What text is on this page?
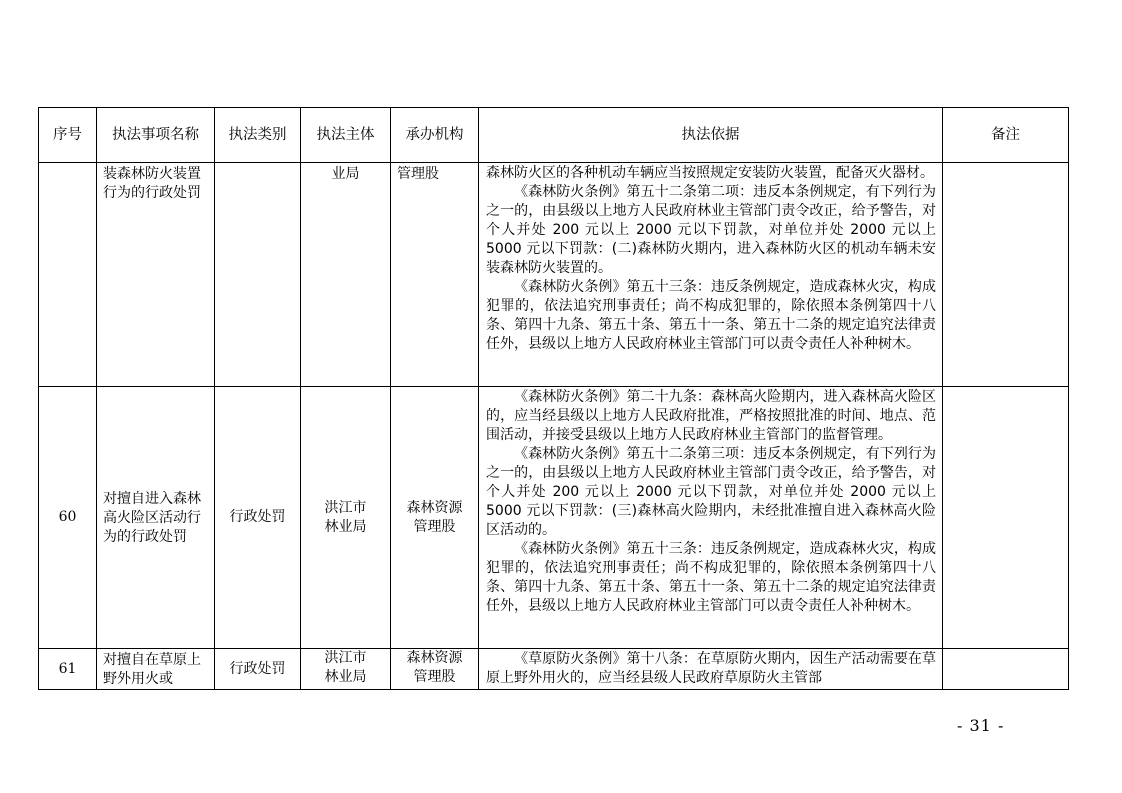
序号	执法事项名称	执法类别	执法主体	承办机构	执法依据	备注
	装森林防火装置行为的行政处罚		业局	管理股	森林防火区的各种机动车辆应当按照规定安装防火装置，配备灭火器材。

《森林防火条例》第五十二条第二项：违反本条例规定，有下列行为之一的，由县级以上地方人民政府林业主管部门责令改正，给予警告，对个人并处 200 元以上 2000 元以下罚款，对单位并处 2000 元以上 5000 元以下罚款：(二)森林防火期内，进入森林防火区的机动车辆未安装森林防火装置的。

《森林防火条例》第五十三条：违反条例规定，造成森林火灾，构成犯罪的，依法追究刑事责任；尚不构成犯罪的，除依照本条例第四十八条、第四十九条、第五十条、第五十一条、第五十二条的规定追究法律责任外，县级以上地方人民政府林业主管部门可以责令责任人补种树木。	

60	对擅自进入森林高火险区活动行为的行政处罚	行政处罚	洪江市林业局	森林资源管理股	《森林防火条例》第二十九条：森林高火险期内，进入森林高火险区的，应当经县级以上地方人民政府批准，严格按照批准的时间、地点、范围活动，并接受县级以上地方人民政府林业主管部门的监督管理。

《森林防火条例》第五十二条第三项：违反本条例规定，有下列行为之一的，由县级以上地方人民政府林业主管部门责令改正，给予警告，对个人并处 200 元以上 2000 元以下罚款，对单位并处 2000 元以上 5000 元以下罚款：(三)森林高火险期内，未经批准擅自进入森林高火险区活动的。

《森林防火条例》第五十三条：违反条例规定，造成森林火灾，构成犯罪的，依法追究刑事责任；尚不构成犯罪的，除依照本条例第四十八条、第四十九条、第五十条、第五十一条、第五十二条的规定追究法律责任外，县级以上地方人民政府林业主管部门可以责令责任人补种树木。	

61	对擅自在草原上野外用火或	行政处罚	洪江市林业局	森林资源管理股	《草原防火条例》第十八条：在草原防火期内，因生产活动需要在草原上野外用火的，应当经县级人民政府草原防火主管部	

- 31 -
